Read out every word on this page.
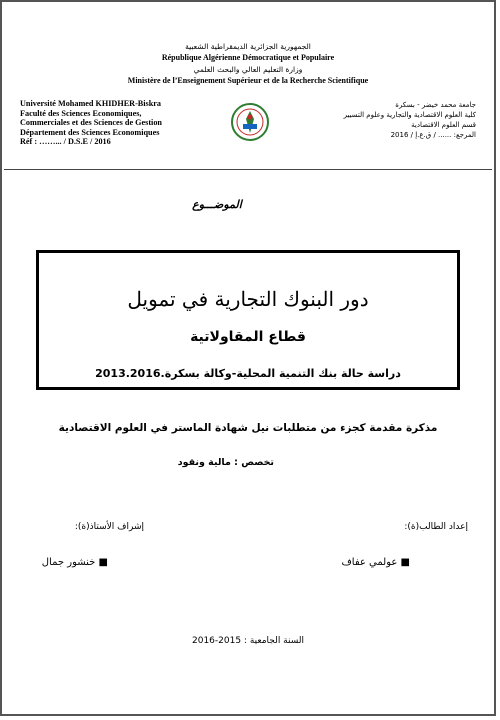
الجمهورية الجزائرية الديمقراطية الشعبية
République Algérienne Démocratique et Populaire
وزارة التعليم العالي والبحث العلمي
Ministère de l’Enseignement Supérieur et de la Recherche Scientifique
Université Mohamed KHIDHER-Biskra
Faculté des Sciences Economiques,
Commerciales et des Sciences de Gestion
Département des Sciences Economiques
Réf : ……... / D.S.E / 2016
جامعة محمد خيضر - بسكرة
كلية العلوم الاقتصادية والتجارية وعلوم التسيير
قسم العلوم الاقتصادية
المرجع: ...... / ق.ع.إ / 2016
الموضـــوع
دور البنوك التجارية في تمويل
قطاع المقاولاتية
دراسة حالة بنك التنمية المحلية-وكالة بسكرة.2013.2016
مذكرة مقدمة كجزء من متطلبات نيل شهادة الماستر في العلوم الاقتصادية
تخصص : مالية ونقود
إعداد الطالب(ة):
■ عولمي عفاف
إشراف الأستاذ(ة):
■ خنشور جمال
السنة الجامعية : 2015-2016
